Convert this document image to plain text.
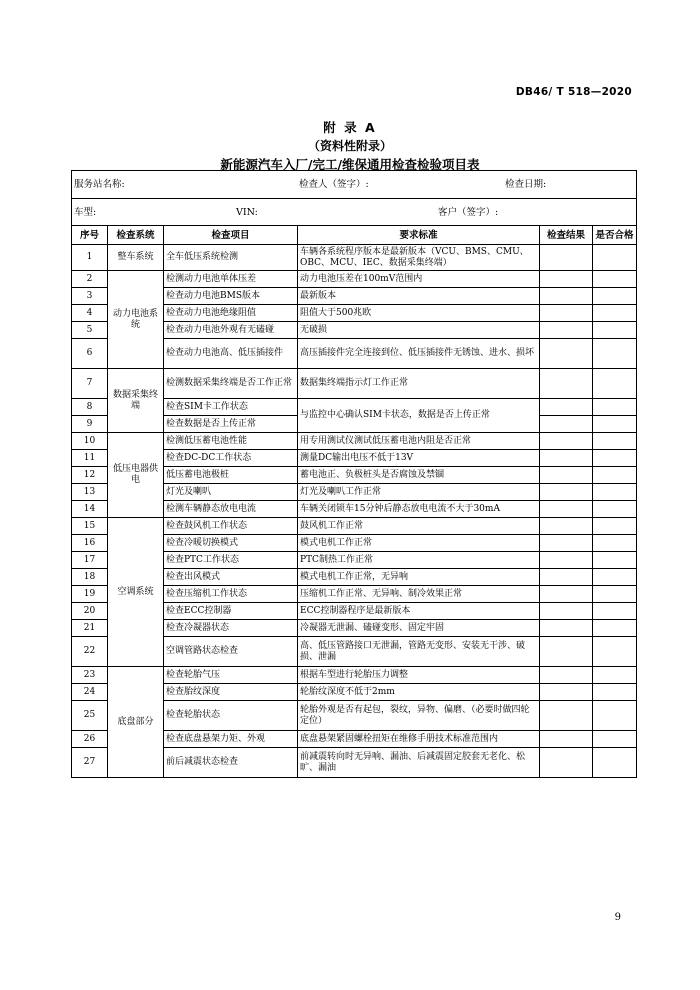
DB46/ T 518—2020
附 录 A
（资料性附录）
新能源汽车入厂/完工/维保通用检查检验项目表
服务站名称: 检查人（签字）: 检查日期:					

车型: VIN: 客户（签字）:					

序号	检查系统	检查项目	要求标准	检查结果	是否合格
1	整车系统	全车低压系统检测	车辆各系统程序版本是最新版本（VCU、BMS、CMU、OBC、MCU、IEC、数据采集终端）		
2	动力电池系统	检测动力电池单体压差	动力电池压差在100mV范围内		
3		检查动力电池BMS版本	最新版本		
4		检查动力电池绝缘阻值	阻值大于500兆欧		
5		检查动力电池外观有无磕碰	无破损		
6		检查动力电池高、低压插接件	高压插接件完全连接到位、低压插接件无锈蚀、进水、损坏		
7	数据采集终端	检测数据采集终端是否工作正常	数据集终端指示灯工作正常		
8		检查SIM卡工作状态	与监控中心确认SIM卡状态，数据是否上传正常		
9		检查数据是否上传正常			
10	低压电器供电	检测低压蓄电池性能	用专用测试仪测试低压蓄电池内阻是否正常		
11		检查DC-DC工作状态	测量DC输出电压不低于13V		
12		低压蓄电池极桩	蓄电池正、负极桩头是否腐蚀及禁锢		
13		灯光及喇叭	灯光及喇叭工作正常		
14		检测车辆静态放电电流	车辆关闭锁车15分钟后静态放电电流不大于30mA		
15	空调系统	检查鼓风机工作状态	鼓风机工作正常		
16		检查冷暖切换模式	模式电机工作正常		
17		检查PTC工作状态	PTC制热工作正常		
18		检查出风模式	模式电机工作正常，无异响		
19		检查压缩机工作状态	压缩机工作正常、无异响、制冷效果正常		
20		检查ECC控制器	ECC控制器程序是最新版本		
21		检查冷凝器状态	冷凝器无泄漏、磕碰变形、固定牢固		
22		空调管路状态检查	高、低压管路接口无泄漏，管路无变形、安装无干涉、破损、泄漏		
23	底盘部分	检查轮胎气压	根据车型进行轮胎压力调整		
24		检查胎纹深度	轮胎纹深度不低于2mm		
25		检查轮胎状态	轮胎外观是否有起包，裂纹，异物、偏磨、（必要时做四轮定位）		
26		检查底盘悬架力矩、外观	底盘悬架紧固螺栓扭矩在维修手册技术标准范围内		
27		前后减震状态检查	前减震转向时无异响、漏油、后减震固定胶套无老化、松旷、漏油		
9
